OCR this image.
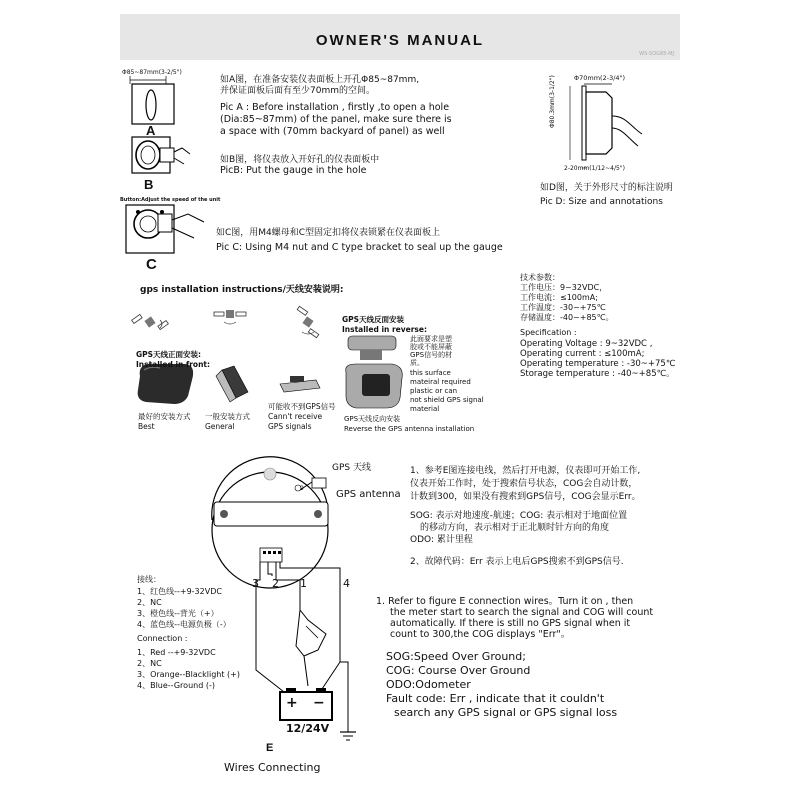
OWNER'S MANUAL
WS-SOG85-MJ
Φ85~87mm(3-2/5")
A
B
Button:Adjust the speed of the unit
C
如A图，在准备安装仪表面板上开孔Φ85~87mm,
并保证面板后面有至少70mm的空间。
Pic A : Before installation , firstly ,to open a hole
(Dia:85~87mm) of the panel, make sure there is
a space with (70mm backyard of panel) as well
如B图，将仪表放入开好孔的仪表面板中
PicB: Put the gauge in the hole
如C图，用M4螺母和C型固定扣将仪表锁紧在仪表面板上
Pic C: Using M4 nut and C type bracket to seal up the gauge
Φ70mm(2-3/4")
Φ80.3mm(3-1/2")
2-20mm(1/12~4/5")
如D图，关于外形尺寸的标注说明
Pic D: Size and annotations
gps installation instructions/天线安装说明:
GPS天线正面安装:
Installed in front:
GPS天线反面安装
Installed in reverse:
此面要求是塑
胶或不能屏蔽
GPS信号的材
质。
this surface
mateiral required
plastic or can
not shield GPS signal
material
最好的安装方式
Best
一般安装方式
General
可能收不到GPS信号
Cann't receive
GPS signals
GPS天线反向安装
Reverse the GPS antenna installation
技术参数：
工作电压：9~32VDC，
工作电流：≤100mA;
工作温度：-30~+75℃
存储温度：-40~+85℃。
Specification :
Operating Voltage : 9~32VDC ,
Operating current : ≤100mA;
Operating temperature : -30~+75℃
Storage temperature : -40~+85℃。
GPS 天线
GPS antenna
9
3 2 1	4
+ −
12/24V
E
Wires Connecting
接线：
1、红色线--+9-32VDC
2、NC
3、橙色线--背光（+）
4、蓝色线--电源负极（-）
Connection :
1、Red --+9-32VDC
2、NC
3、Orange--Blacklight (+)
4、Blue--Ground (-)
1、参考E图连接电线，然后打开电源，仪表即可开始工作,
仪表开始工作时，处于搜索信号状态，COG会自动计数，
计数到300，如果没有搜索到GPS信号，COG会显示Err。
SOG: 表示对地速度-航速；COG: 表示相对于地面位置
的移动方向，表示相对于正北顺时针方向的角度
ODO: 累计里程
2、故障代码：Err 表示上电后GPS搜索不到GPS信号.
1. Refer to figure E connection wires。Turn it on , then
the meter start to search the signal and COG will count
automatically. If there is still no GPS signal when it
count to 300,the COG displays "Err"。
SOG:Speed Over Ground;
COG: Course Over Ground
ODO:Odometer
Fault code: Err , indicate that it couldn't
search any GPS signal or GPS signal loss
